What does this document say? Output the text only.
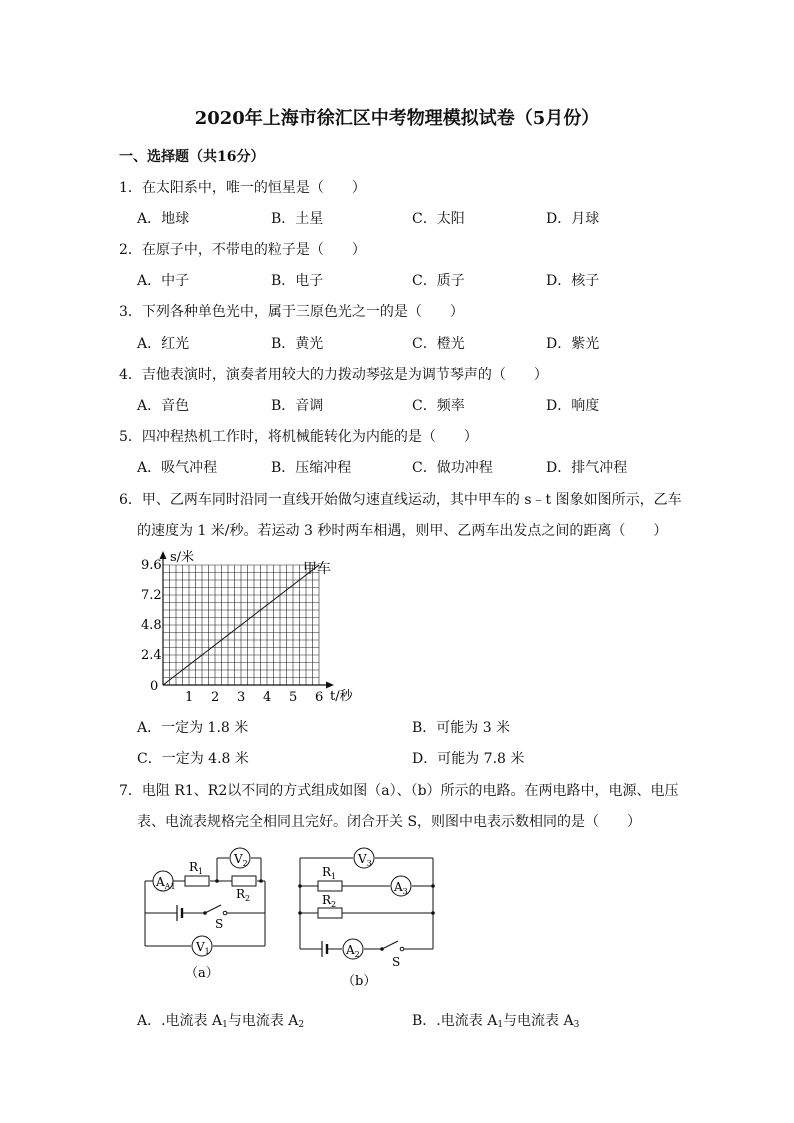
2020年上海市徐汇区中考物理模拟试卷（5月份）
一、选择题（共16分）
1．在太阳系中，唯一的恒星是（　　）
A．地球	B．土星	C．太阳	D．月球
2．在原子中，不带电的粒子是（　　）
A．中子	B．电子	C．质子	D．核子
3．下列各种单色光中，属于三原色光之一的是（　　）
A．红光	B．黄光	C．橙光	D．紫光
4．吉他表演时，演奏者用较大的力拨动琴弦是为调节琴声的（　　）
A．音色	B．音调	C．频率	D．响度
5．四冲程热机工作时，将机械能转化为内能的是（　　）
A．吸气冲程	B．压缩冲程	C．做功冲程	D．排气冲程
6．甲、乙两车同时沿同一直线开始做匀速直线运动，其中甲车的 s﹣t 图象如图所示，乙车
的速度为 1 米/秒。若运动 3 秒时两车相遇，则甲、乙两车出发点之间的距离（　　）
2.4
4.8
7.2
9.6
1 2 3 4 5 6
0
s/米
t/秒
甲车
A．一定为 1.8 米	B．可能为 3 米
C．一定为 4.8 米	D．可能为 7.8 米
7．电阻 R1、R2以不同的方式组成如图（a）、（b）所示的电路。在两电路中，电源、电压
表、电流表规格完全相同且完好。闭合开关 S，则图中电表示数相同的是（　　）
$A_{A1}$
$V_2$
$V_1$
$R_1$
$R_2$
S
（a）
$V_3$
$A_3$
$A_2$
$R_1$
$R_2$
S
（b）
A．.电流表 $A_1$与电流表 $A_2$	B．.电流表 $A_1$与电流表 $A_3$
